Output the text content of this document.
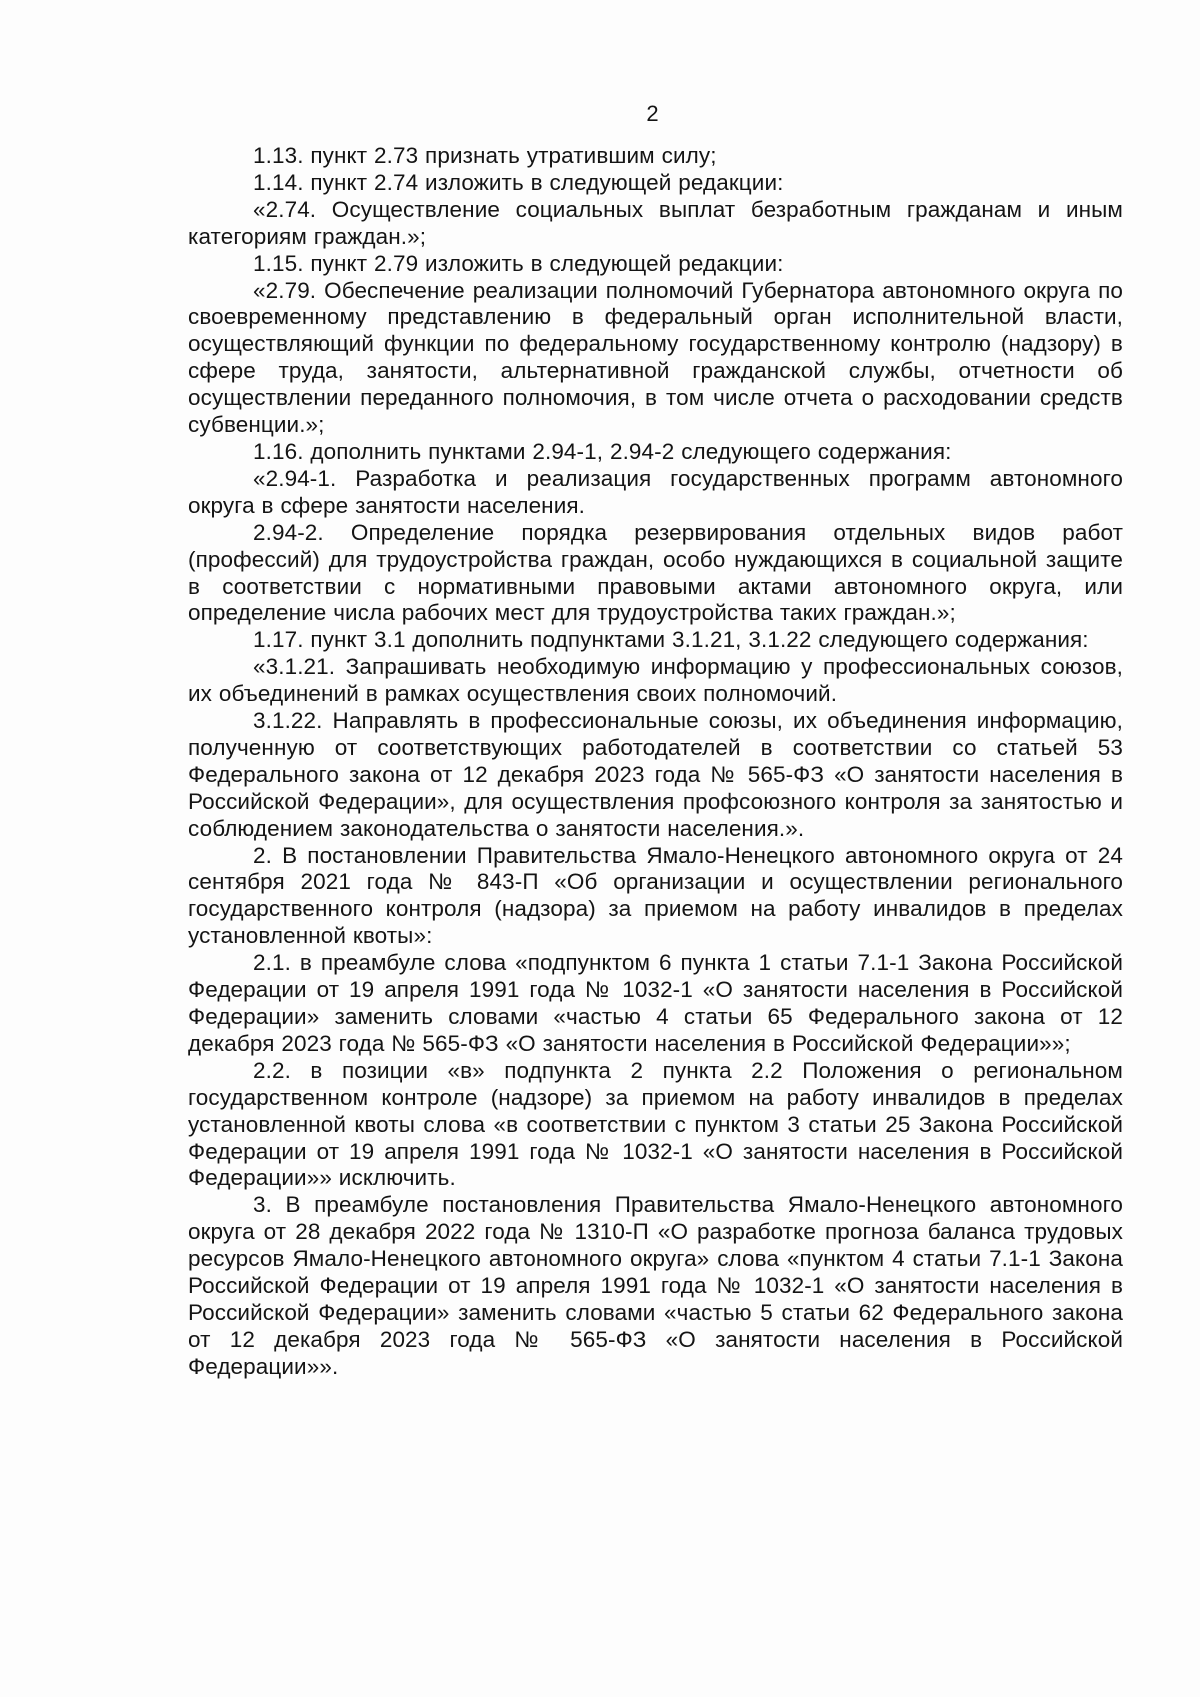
2

1.13. пункт 2.73 признать утратившим силу;

1.14. пункт 2.74 изложить в следующей редакции:

«2.74. Осуществление социальных выплат безработным гражданам и иным категориям граждан.»;

1.15. пункт 2.79 изложить в следующей редакции:

«2.79. Обеспечение реализации полномочий Губернатора автономного округа по своевременному представлению в федеральный орган исполнительной власти, осуществляющий функции по федеральному государственному контролю (надзору) в сфере труда, занятости, альтернативной гражданской службы, отчетности об осуществлении переданного полномочия, в том числе отчета о расходовании средств субвенции.»;

1.16. дополнить пунктами 2.94-1, 2.94-2 следующего содержания:

«2.94-1. Разработка и реализация государственных программ автономного округа в сфере занятости населения.

2.94-2. Определение порядка резервирования отдельных видов работ (профессий) для трудоустройства граждан, особо нуждающихся в социальной защите в соответствии с нормативными правовыми актами автономного округа, или определение числа рабочих мест для трудоустройства таких граждан.»;

1.17. пункт 3.1 дополнить подпунктами 3.1.21, 3.1.22 следующего содержания:

«3.1.21. Запрашивать необходимую информацию у профессиональных союзов, их объединений в рамках осуществления своих полномочий.

3.1.22. Направлять в профессиональные союзы, их объединения информацию, полученную от соответствующих работодателей в соответствии со статьей 53 Федерального закона от 12 декабря 2023 года № 565-ФЗ «О занятости населения в Российской Федерации», для осуществления профсоюзного контроля за занятостью и соблюдением законодательства о занятости населения.».

2. В постановлении Правительства Ямало-Ненецкого автономного округа от 24 сентября 2021 года № 843-П «Об организации и осуществлении регионального государственного контроля (надзора) за приемом на работу инвалидов в пределах установленной квоты»:

2.1. в преамбуле слова «подпунктом 6 пункта 1 статьи 7.1-1 Закона Российской Федерации от 19 апреля 1991 года № 1032-1 «О занятости населения в Российской Федерации» заменить словами «частью 4 статьи 65 Федерального закона от 12 декабря 2023 года № 565-ФЗ «О занятости населения в Российской Федерации»»;

2.2. в позиции «в» подпункта 2 пункта 2.2 Положения о региональном государственном контроле (надзоре) за приемом на работу инвалидов в пределах установленной квоты слова «в соответствии с пунктом 3 статьи 25 Закона Российской Федерации от 19 апреля 1991 года № 1032-1 «О занятости населения в Российской Федерации»» исключить.

3. В преамбуле постановления Правительства Ямало-Ненецкого автономного округа от 28 декабря 2022 года № 1310-П «О разработке прогноза баланса трудовых ресурсов Ямало-Ненецкого автономного округа» слова «пунктом 4 статьи 7.1-1 Закона Российской Федерации от 19 апреля 1991 года № 1032-1 «О занятости населения в Российской Федерации» заменить словами «частью 5 статьи 62 Федерального закона от 12 декабря 2023 года № 565-ФЗ «О занятости населения в Российской Федерации»».
